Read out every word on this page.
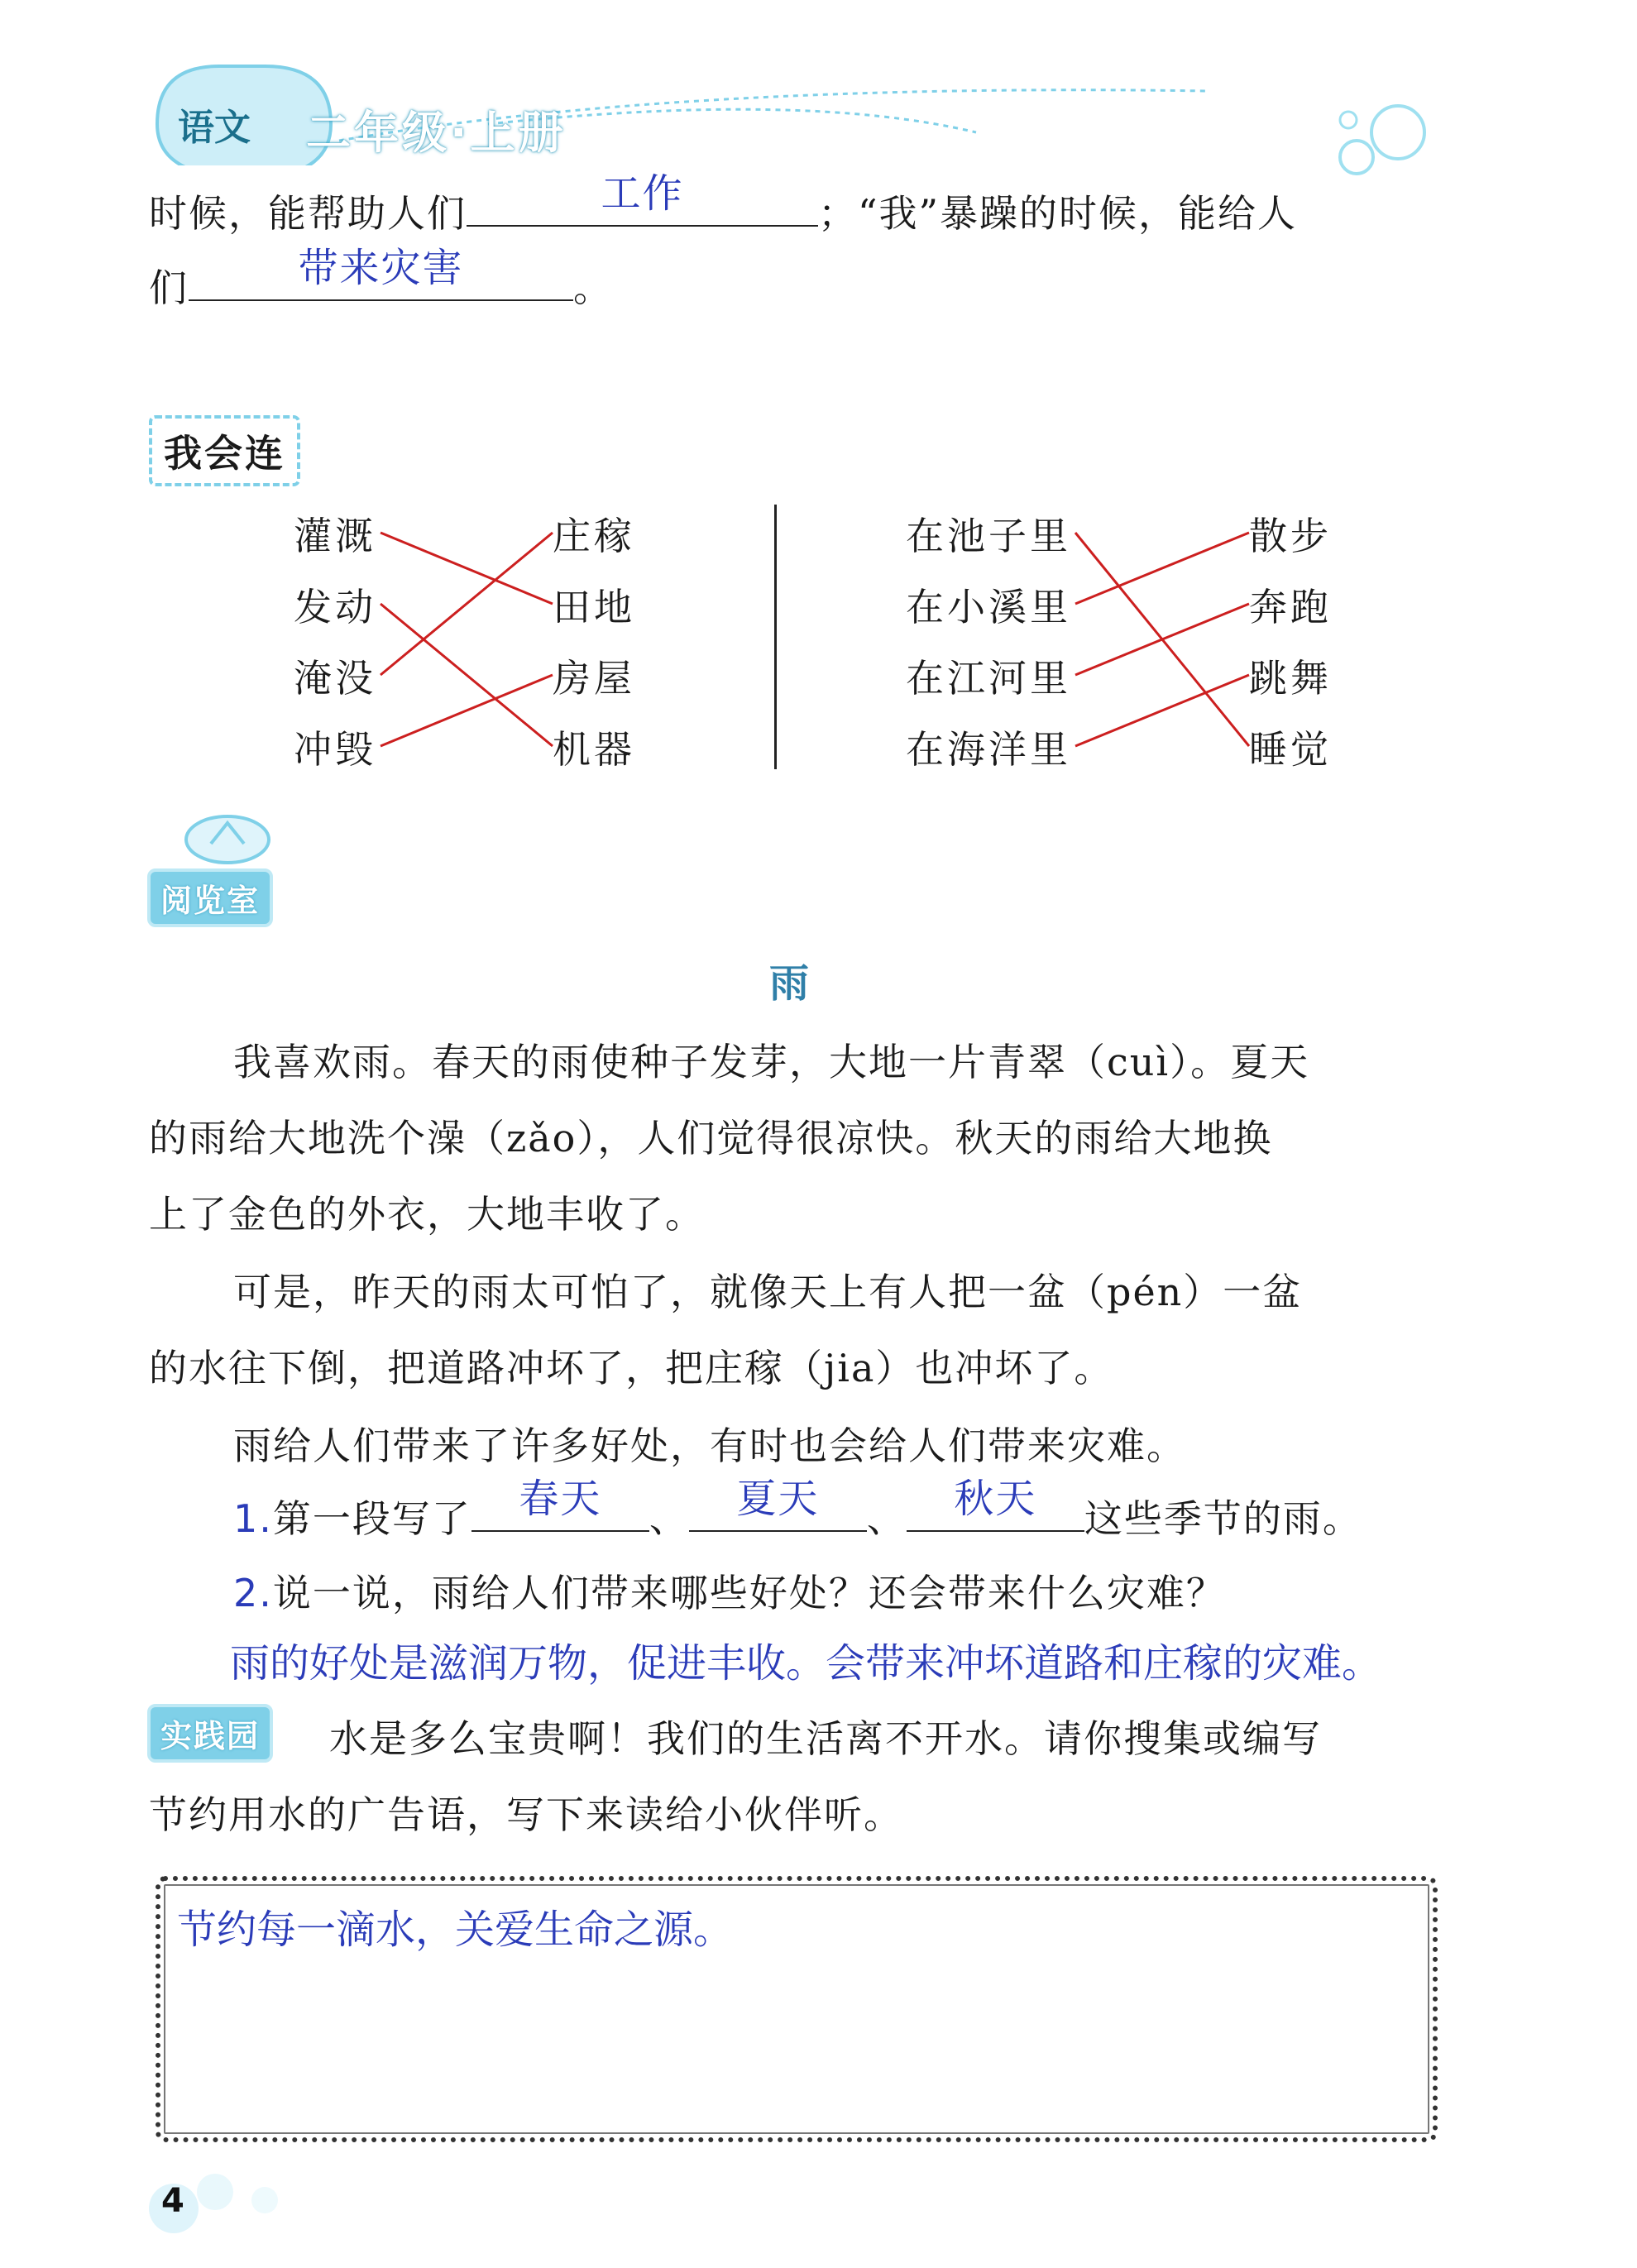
语文 二年级·上册
时候，能帮助人们	工作	；“我”暴躁的时候，能给人
们	带来灾害	。
我会连
灌溉
发动
淹没
冲毁
庄稼
田地
房屋
机器
在池子里
在小溪里
在江河里
在海洋里
散步
奔跑
跳舞
睡觉
阅览室
雨
我喜欢雨。春天的雨使种子发芽，大地一片青翠（cuì）。夏天
的雨给大地洗个澡（zǎo），人们觉得很凉快。秋天的雨给大地换
上了金色的外衣，大地丰收了。
可是，昨天的雨太可怕了，就像天上有人把一盆（pén）一盆
的水往下倒，把道路冲坏了，把庄稼（jia）也冲坏了。
雨给人们带来了许多好处，有时也会给人们带来灾难。
1.第一段写了	春天	、	夏天	、	秋天	这些季节的雨。
2.说一说，雨给人们带来哪些好处？还会带来什么灾难？
雨的好处是滋润万物，促进丰收。会带来冲坏道路和庄稼的灾难。
实践园	水是多么宝贵啊！我们的生活离不开水。请你搜集或编写
节约用水的广告语，写下来读给小伙伴听。
节约每一滴水，关爱生命之源。
4
